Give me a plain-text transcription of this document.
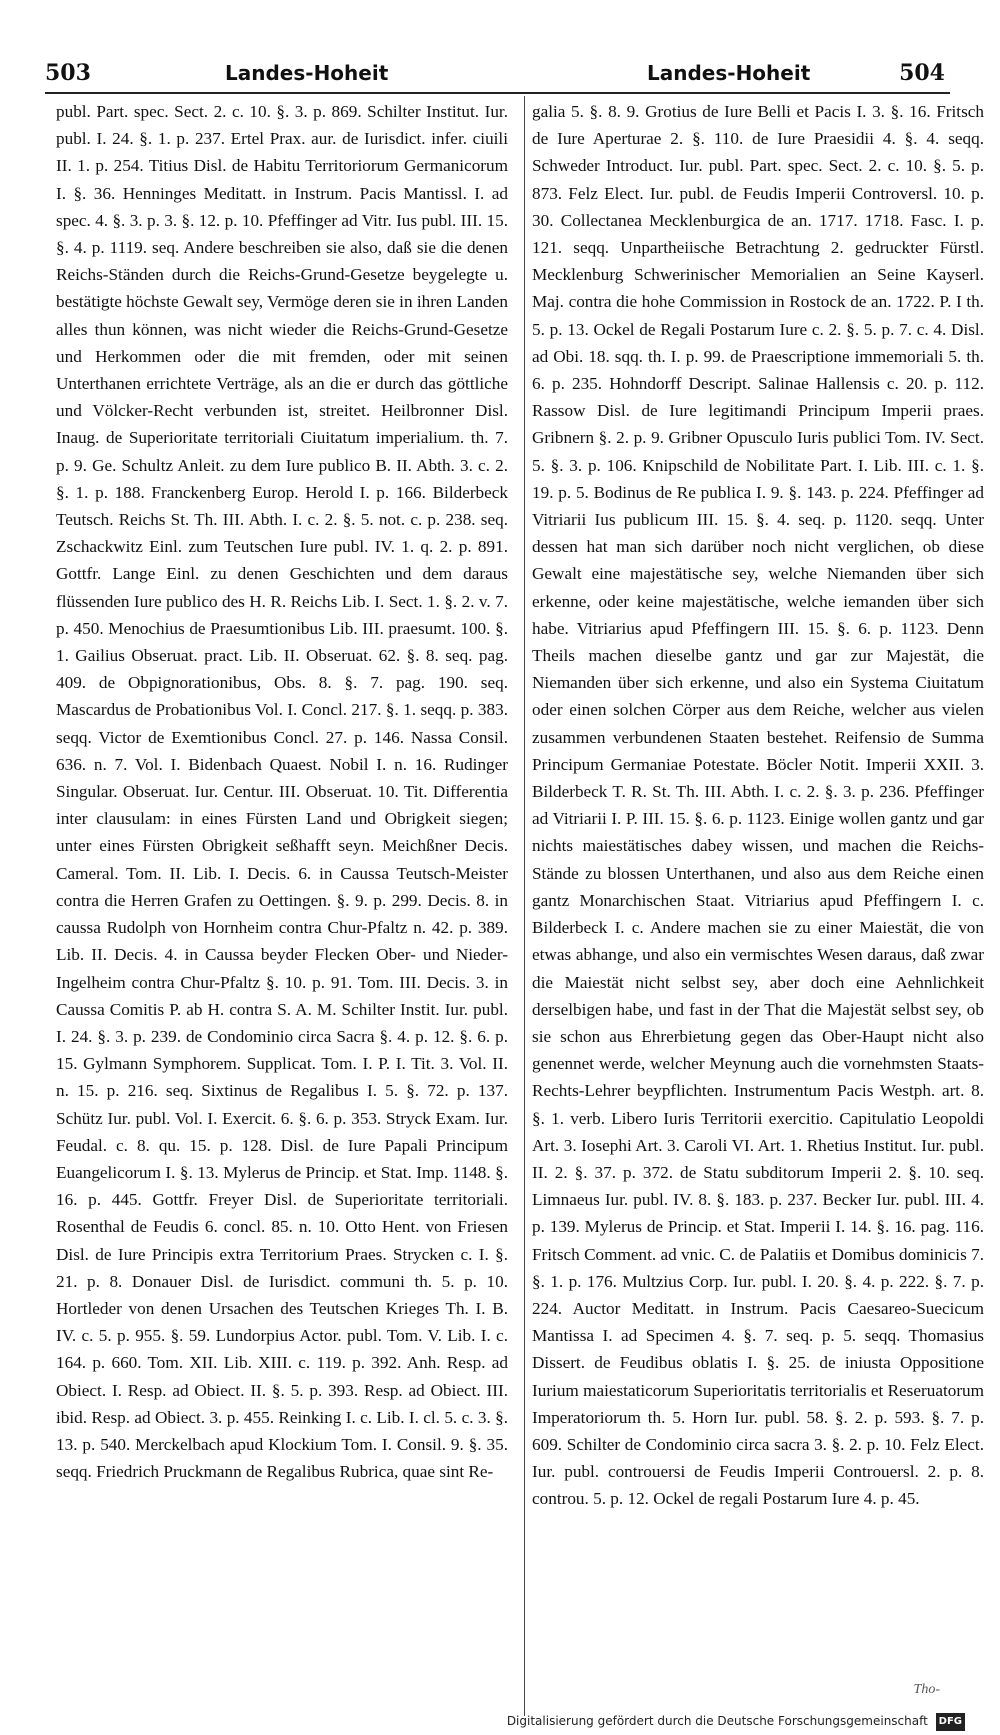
503	Landes-Hoheit	Landes-Hoheit	504

publ. Part. spec. Sect. 2. c. 10. §. 3. p. 869. Schilter Institut. Iur. publ. I. 24. §. 1. p. 237. Ertel Prax. aur. de Iurisdict. infer. ciuili II. 1. p. 254. Titius Disl. de Habitu Territoriorum Germanicorum I. §. 36. Henninges Meditatt. in Instrum. Pacis Mantissl. I. ad spec. 4. §. 3. p. 3. §. 12. p. 10. Pfeffinger ad Vitr. Ius publ. III. 15. §. 4. p. 1119. seq. Andere beschreiben sie also, daß sie die denen Reichs-Ständen durch die Reichs-Grund-Gesetze beygelegte u. bestätigte höchste Gewalt sey, Vermöge deren sie in ihren Landen alles thun können, was nicht wieder die Reichs-Grund-Gesetze und Herkommen oder die mit fremden, oder mit seinen Unterthanen errichtete Verträge, als an die er durch das göttliche und Völcker-Recht verbunden ist, streitet. Heilbronner Disl. Inaug. de Superioritate territoriali Ciuitatum imperialium. th. 7. p. 9. Ge. Schultz Anleit. zu dem Iure publico B. II. Abth. 3. c. 2. §. 1. p. 188. Franckenberg Europ. Herold I. p. 166. Bilderbeck Teutsch. Reichs St. Th. III. Abth. I. c. 2. §. 5. not. c. p. 238. seq. Zschackwitz Einl. zum Teutschen Iure publ. IV. 1. q. 2. p. 891. Gottfr. Lange Einl. zu denen Geschichten und dem daraus flüssenden Iure publico des H. R. Reichs Lib. I. Sect. 1. §. 2. v. 7. p. 450. Menochius de Praesumtionibus Lib. III. praesumt. 100. §. 1. Gailius Obseruat. pract. Lib. II. Obseruat. 62. §. 8. seq. pag. 409. de Obpignorationibus, Obs. 8. §. 7. pag. 190. seq. Mascardus de Probationibus Vol. I. Concl. 217. §. 1. seqq. p. 383. seqq. Victor de Exemtionibus Concl. 27. p. 146. Nassa Consil. 636. n. 7. Vol. I. Bidenbach Quaest. Nobil I. n. 16. Rudinger Singular. Obseruat. Iur. Centur. III. Obseruat. 10. Tit. Differentia inter clausulam: in eines Fürsten Land und Obrigkeit siegen; unter eines Fürsten Obrigkeit seßhafft seyn. Meichßner Decis. Cameral. Tom. II. Lib. I. Decis. 6. in Caussa Teutsch-Meister contra die Herren Grafen zu Oettingen. §. 9. p. 299. Decis. 8. in caussa Rudolph von Hornheim contra Chur-Pfaltz n. 42. p. 389. Lib. II. Decis. 4. in Caussa beyder Flecken Ober- und Nieder-Ingelheim contra Chur-Pfaltz §. 10. p. 91. Tom. III. Decis. 3. in Caussa Comitis P. ab H. contra S. A. M. Schilter Instit. Iur. publ. I. 24. §. 3. p. 239. de Condominio circa Sacra §. 4. p. 12. §. 6. p. 15. Gylmann Symphorem. Supplicat. Tom. I. P. I. Tit. 3. Vol. II. n. 15. p. 216. seq. Sixtinus de Regalibus I. 5. §. 72. p. 137. Schütz Iur. publ. Vol. I. Exercit. 6. §. 6. p. 353. Stryck Exam. Iur. Feudal. c. 8. qu. 15. p. 128. Disl. de Iure Papali Principum Euangelicorum I. §. 13. Mylerus de Princip. et Stat. Imp. 1148. §. 16. p. 445. Gottfr. Freyer Disl. de Superioritate territoriali. Rosenthal de Feudis 6. concl. 85. n. 10. Otto Hent. von Friesen Disl. de Iure Principis extra Territorium Praes. Strycken c. I. §. 21. p. 8. Donauer Disl. de Iurisdict. communi th. 5. p. 10. Hortleder von denen Ursachen des Teutschen Krieges Th. I. B. IV. c. 5. p. 955. §. 59. Lundorpius Actor. publ. Tom. V. Lib. I. c. 164. p. 660. Tom. XII. Lib. XIII. c. 119. p. 392. Anh. Resp. ad Obiect. I. Resp. ad Obiect. II. §. 5. p. 393. Resp. ad Obiect. III. ibid. Resp. ad Obiect. 3. p. 455. Reinking I. c. Lib. I. cl. 5. c. 3. §. 13. p. 540. Merckelbach apud Klockium Tom. I. Consil. 9. §. 35. seqq. Friedrich Pruckmann de Regalibus Rubrica, quae sint Re-

galia 5. §. 8. 9. Grotius de Iure Belli et Pacis I. 3. §. 16. Fritsch de Iure Aperturae 2. §. 110. de Iure Praesidii 4. §. 4. seqq. Schweder Introduct. Iur. publ. Part. spec. Sect. 2. c. 10. §. 5. p. 873. Felz Elect. Iur. publ. de Feudis Imperii Controversl. 10. p. 30. Collectanea Mecklenburgica de an. 1717. 1718. Fasc. I. p. 121. seqq. Unpartheiische Betrachtung 2. gedruckter Fürstl. Mecklenburg Schwerinischer Memorialien an Seine Kayserl. Maj. contra die hohe Commission in Rostock de an. 1722. P. I th. 5. p. 13. Ockel de Regali Postarum Iure c. 2. §. 5. p. 7. c. 4. Disl. ad Obi. 18. sqq. th. I. p. 99. de Praescriptione immemoriali 5. th. 6. p. 235. Hohndorff Descript. Salinae Hallensis c. 20. p. 112. Rassow Disl. de Iure legitimandi Principum Imperii praes. Gribnern §. 2. p. 9. Gribner Opusculo Iuris publici Tom. IV. Sect. 5. §. 3. p. 106. Knipschild de Nobilitate Part. I. Lib. III. c. 1. §. 19. p. 5. Bodinus de Re publica I. 9. §. 143. p. 224. Pfeffinger ad Vitriarii Ius publicum III. 15. §. 4. seq. p. 1120. seqq. Unter dessen hat man sich darüber noch nicht verglichen, ob diese Gewalt eine majestätische sey, welche Niemanden über sich erkenne, oder keine majestätische, welche iemanden über sich habe. Vitriarius apud Pfeffingern III. 15. §. 6. p. 1123. Denn Theils machen dieselbe gantz und gar zur Majestät, die Niemanden über sich erkenne, und also ein Systema Ciuitatum oder einen solchen Cörper aus dem Reiche, welcher aus vielen zusammen verbundenen Staaten bestehet. Reifensio de Summa Principum Germaniae Potestate. Böcler Notit. Imperii XXII. 3. Bilderbeck T. R. St. Th. III. Abth. I. c. 2. §. 3. p. 236. Pfeffinger ad Vitriarii I. P. III. 15. §. 6. p. 1123. Einige wollen gantz und gar nichts maiestätisches dabey wissen, und machen die Reichs-Stände zu blossen Unterthanen, und also aus dem Reiche einen gantz Monarchischen Staat. Vitriarius apud Pfeffingern I. c. Bilderbeck I. c. Andere machen sie zu einer Maiestät, die von etwas abhange, und also ein vermischtes Wesen daraus, daß zwar die Maiestät nicht selbst sey, aber doch eine Aehnlichkeit derselbigen habe, und fast in der That die Majestät selbst sey, ob sie schon aus Ehrerbietung gegen das Ober-Haupt nicht also genennet werde, welcher Meynung auch die vornehmsten Staats-Rechts-Lehrer beypflichten. Instrumentum Pacis Westph. art. 8. §. 1. verb. Libero Iuris Territorii exercitio. Capitulatio Leopoldi Art. 3. Iosephi Art. 3. Caroli VI. Art. 1. Rhetius Institut. Iur. publ. II. 2. §. 37. p. 372. de Statu subditorum Imperii 2. §. 10. seq. Limnaeus Iur. publ. IV. 8. §. 183. p. 237. Becker Iur. publ. III. 4. p. 139. Mylerus de Princip. et Stat. Imperii I. 14. §. 16. pag. 116. Fritsch Comment. ad vnic. C. de Palatiis et Domibus dominicis 7. §. 1. p. 176. Multzius Corp. Iur. publ. I. 20. §. 4. p. 222. §. 7. p. 224. Auctor Meditatt. in Instrum. Pacis Caesareo-Suecicum Mantissa I. ad Specimen 4. §. 7. seq. p. 5. seqq. Thomasius Dissert. de Feudibus oblatis I. §. 25. de iniusta Oppositione Iurium maiestaticorum Superioritatis territorialis et Reseruatorum Imperatoriorum th. 5. Horn Iur. publ. 58. §. 2. p. 593. §. 7. p. 609. Schilter de Condominio circa sacra 3. §. 2. p. 10. Felz Elect. Iur. publ. controuersi de Feudis Imperii Controuersl. 2. p. 8. controu. 5. p. 12. Ockel de regali Postarum Iure 4. p. 45.

Tho-
Digitalisierung gefördert durch die Deutsche Forschungsgemeinschaft DFG
